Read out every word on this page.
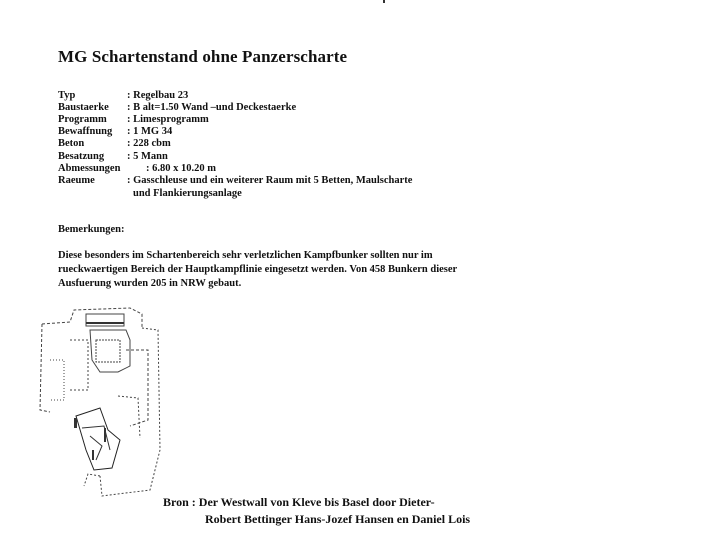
MG Schartenstand ohne Panzerscharte
Typ	: Regelbau 23
Baustaerke : B alt=1.50 Wand –und Deckestaerke
Programm : Limesprogramm
Bewaffnung : 1 MG 34
Beton	: 228 cbm
Besatzung : 5 Mann
Abmessungen : 6.80 x 10.20 m
Raeume	: Gasschleuse und ein weiterer Raum mit 5 Betten, Maulscharte
und Flankierungsanlage
Bemerkungen:
Diese besonders im Schartenbereich sehr verletzlichen Kampfbunker sollten nur im
rueckwaertigen Bereich der Hauptkampflinie eingesetzt werden. Von 458 Bunkern dieser
Ausfuerung wurden 205 in NRW gebaut.
Bron : Der Westwall von Kleve bis Basel door Dieter-
Robert Bettinger Hans-Jozef Hansen en Daniel Lois
